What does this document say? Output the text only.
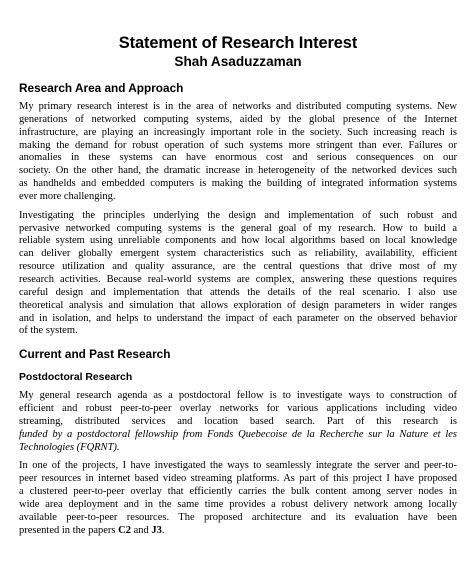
Statement of Research Interest
Shah Asaduzzaman
Research Area and Approach

My primary research interest is in the area of networks and distributed computing systems. New
generations of networked computing systems, aided by the global presence of the Internet
infrastructure, are playing an increasingly important role in the society. Such increasing reach is
making the demand for robust operation of such systems more stringent than ever. Failures or
anomalies in these systems can have enormous cost and serious consequences on our
society. On the other hand, the dramatic increase in heterogeneity of the networked devices such
as handhelds and embedded computers is making the building of integrated information systems
ever more challenging.

Investigating the principles underlying the design and implementation of such robust and
pervasive networked computing systems is the general goal of my research. How to build a
reliable system using unreliable components and how local algorithms based on local knowledge
can deliver globally emergent system characteristics such as reliability, availability, efficient
resource utilization and quality assurance, are the central questions that drive most of my
research activities. Because real-world systems are complex, answering these questions requires
careful design and implementation that attends the details of the real scenario. I also use
theoretical analysis and simulation that allows exploration of design parameters in wider ranges
and in isolation, and helps to understand the impact of each parameter on the observed behavior
of the system.

Current and Past Research
Postdoctoral Research

My general research agenda as a postdoctoral fellow is to investigate ways to construction of
efficient and robust peer-to-peer overlay networks for various applications including video
streaming, distributed services and location based search. Part of this research is
funded by a postdoctoral fellowship from Fonds Quebecoise de la Recherche sur la Nature et les
Technologies (FQRNT).

In one of the projects, I have investigated the ways to seamlessly integrate the server and peer-to-
peer resources in internet based video streaming platforms. As part of this project I have proposed
a clustered peer-to-peer overlay that efficiently carries the bulk content among server nodes in
wide area deployment and in the same time provides a robust delivery network among locally
available peer-to-peer resources. The proposed architecture and its evaluation have been
presented in the papers C2 and J3.
